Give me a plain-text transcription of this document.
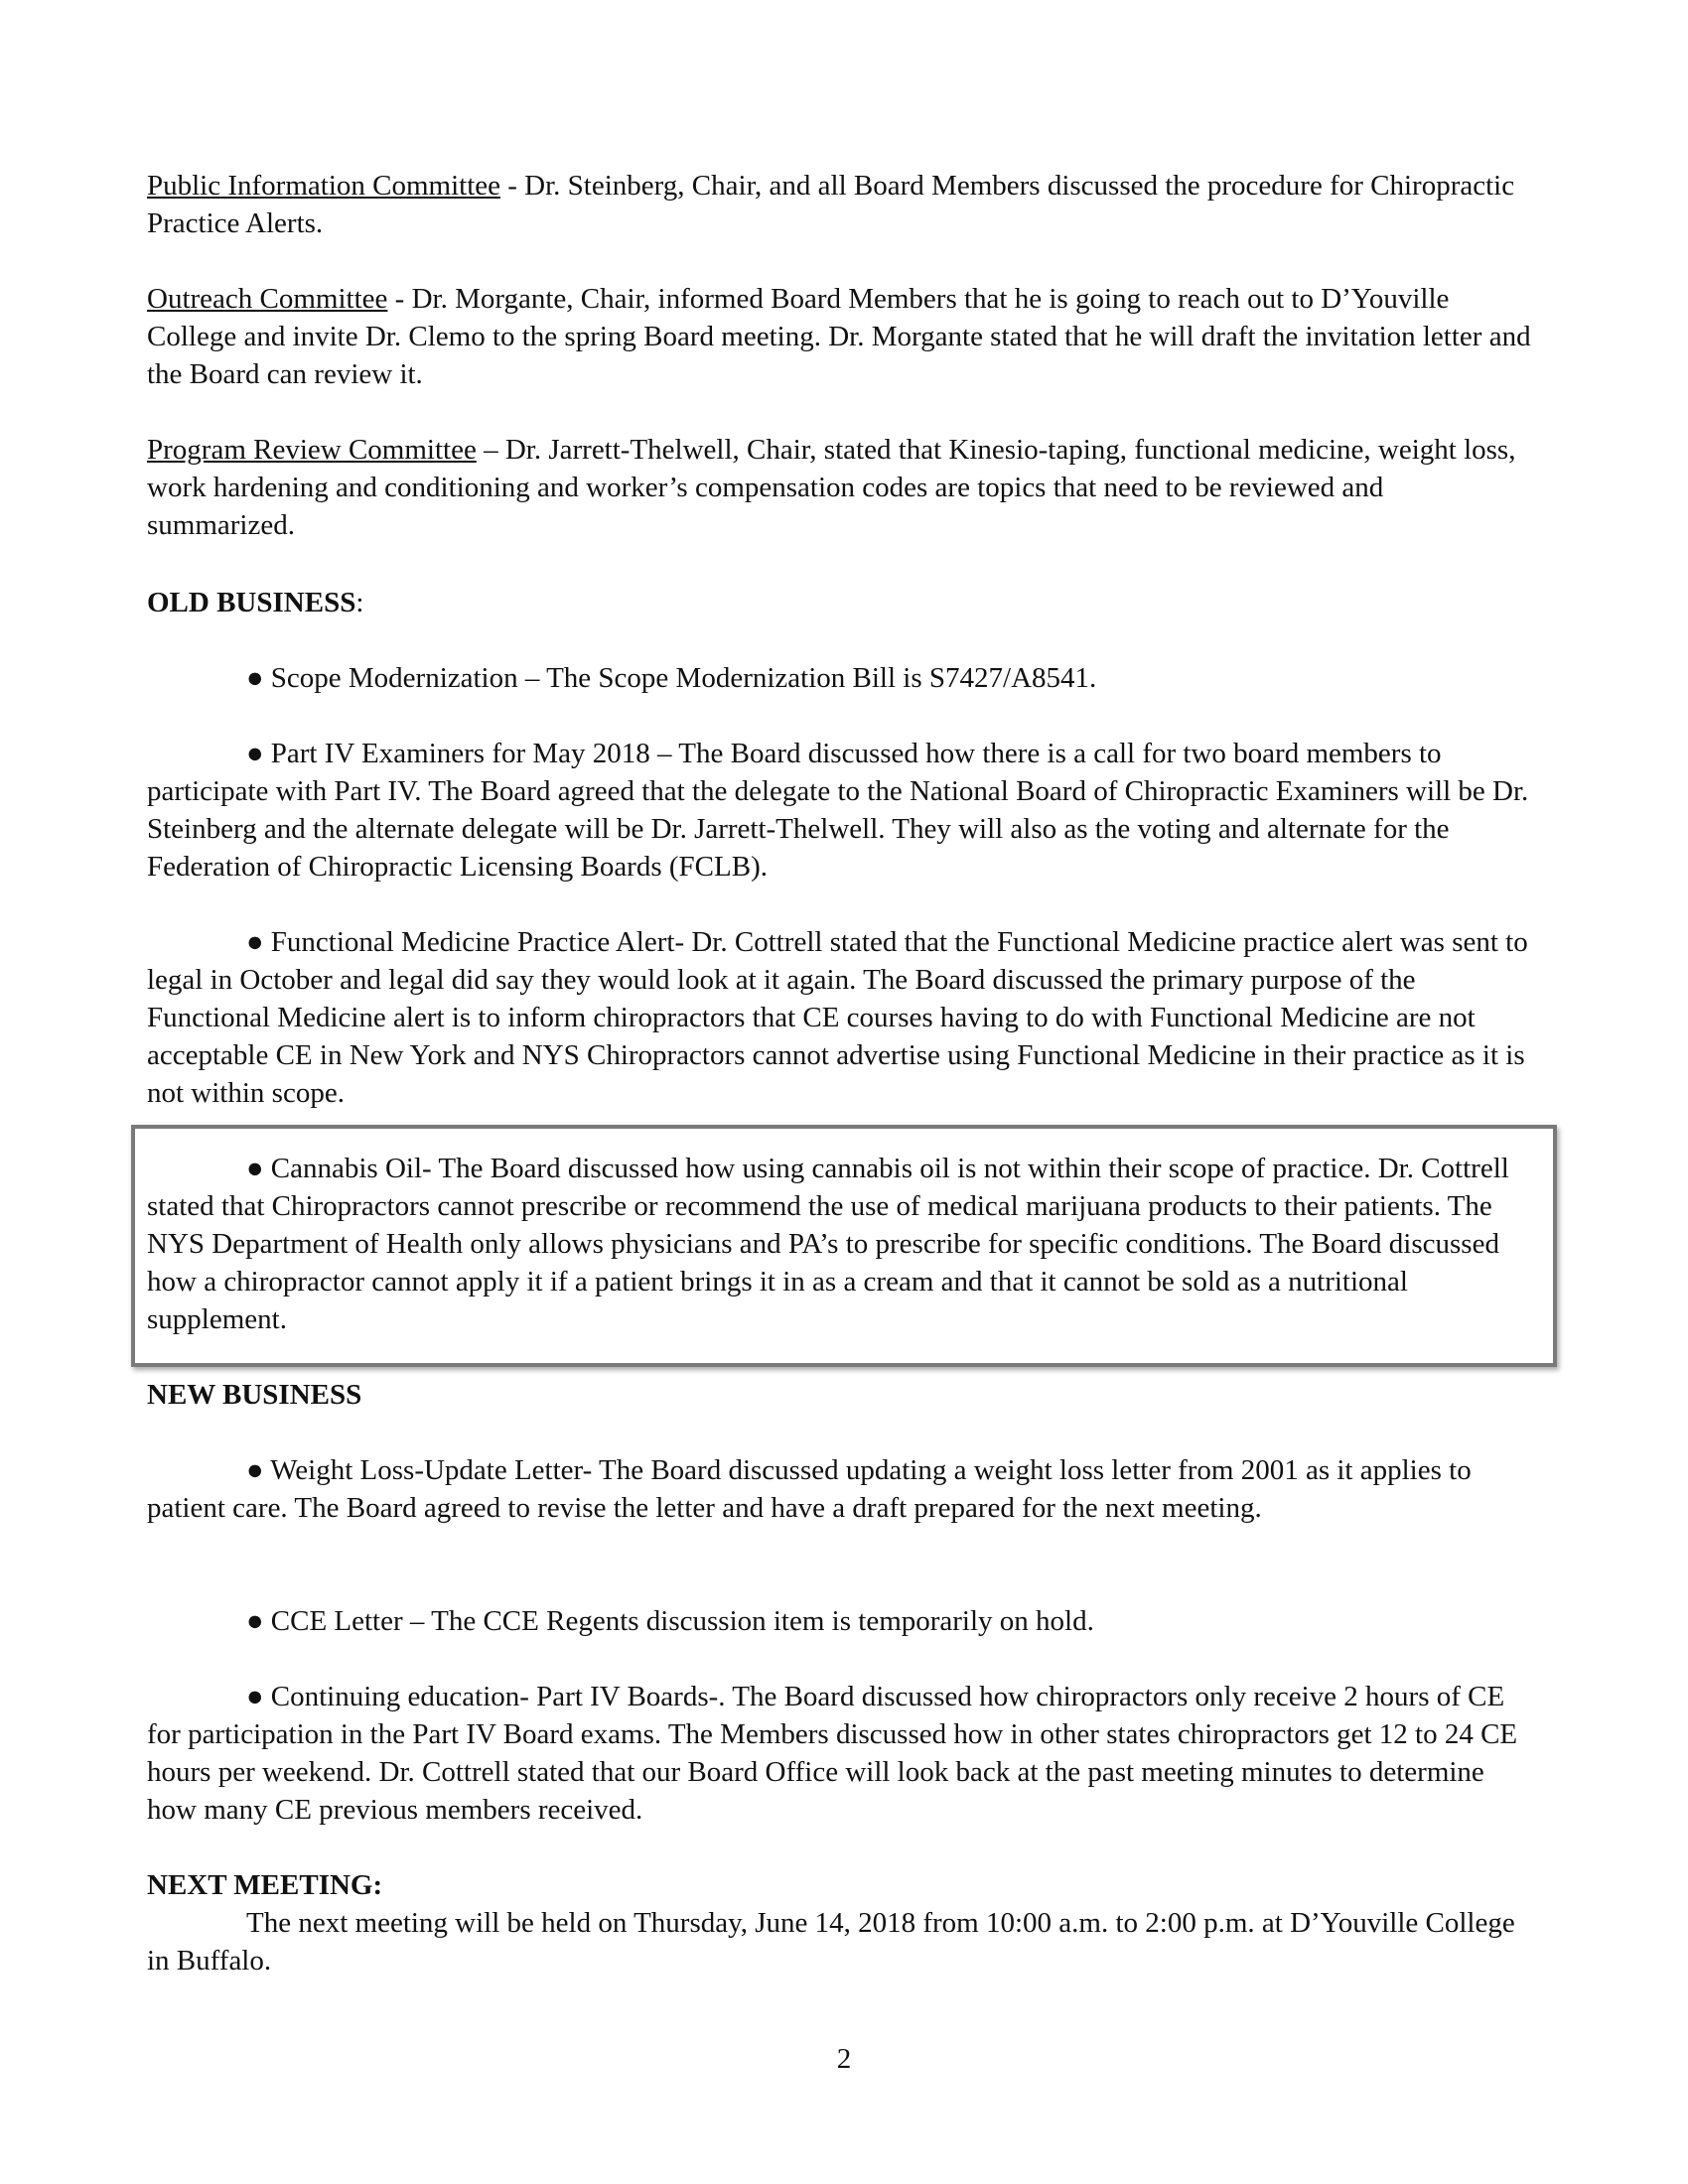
Public Information Committee - Dr. Steinberg, Chair, and all Board Members discussed the procedure for Chiropractic Practice Alerts.

Outreach Committee - Dr. Morgante, Chair, informed Board Members that he is going to reach out to D’Youville College and invite Dr. Clemo to the spring Board meeting. Dr. Morgante stated that he will draft the invitation letter and the Board can review it.

Program Review Committee – Dr. Jarrett-Thelwell, Chair, stated that Kinesio-taping, functional medicine, weight loss, work hardening and conditioning and worker’s compensation codes are topics that need to be reviewed and summarized.

OLD BUSINESS:

● Scope Modernization – The Scope Modernization Bill is S7427/A8541.

● Part IV Examiners for May 2018 – The Board discussed how there is a call for two board members to participate with Part IV. The Board agreed that the delegate to the National Board of Chiropractic Examiners will be Dr. Steinberg and the alternate delegate will be Dr. Jarrett-Thelwell. They will also as the voting and alternate for the Federation of Chiropractic Licensing Boards (FCLB).

● Functional Medicine Practice Alert- Dr. Cottrell stated that the Functional Medicine practice alert was sent to legal in October and legal did say they would look at it again. The Board discussed the primary purpose of the Functional Medicine alert is to inform chiropractors that CE courses having to do with Functional Medicine are not acceptable CE in New York and NYS Chiropractors cannot advertise using Functional Medicine in their practice as it is not within scope.

● Cannabis Oil- The Board discussed how using cannabis oil is not within their scope of practice. Dr. Cottrell stated that Chiropractors cannot prescribe or recommend the use of medical marijuana products to their patients. The NYS Department of Health only allows physicians and PA’s to prescribe for specific conditions. The Board discussed how a chiropractor cannot apply it if a patient brings it in as a cream and that it cannot be sold as a nutritional supplement.

NEW BUSINESS

● Weight Loss-Update Letter- The Board discussed updating a weight loss letter from 2001 as it applies to patient care. The Board agreed to revise the letter and have a draft prepared for the next meeting.

● CCE Letter – The CCE Regents discussion item is temporarily on hold.

● Continuing education- Part IV Boards-. The Board discussed how chiropractors only receive 2 hours of CE for participation in the Part IV Board exams. The Members discussed how in other states chiropractors get 12 to 24 CE hours per weekend. Dr. Cottrell stated that our Board Office will look back at the past meeting minutes to determine how many CE previous members received.

NEXT MEETING:

The next meeting will be held on Thursday, June 14, 2018 from 10:00 a.m. to 2:00 p.m. at D’Youville College in Buffalo.

2
